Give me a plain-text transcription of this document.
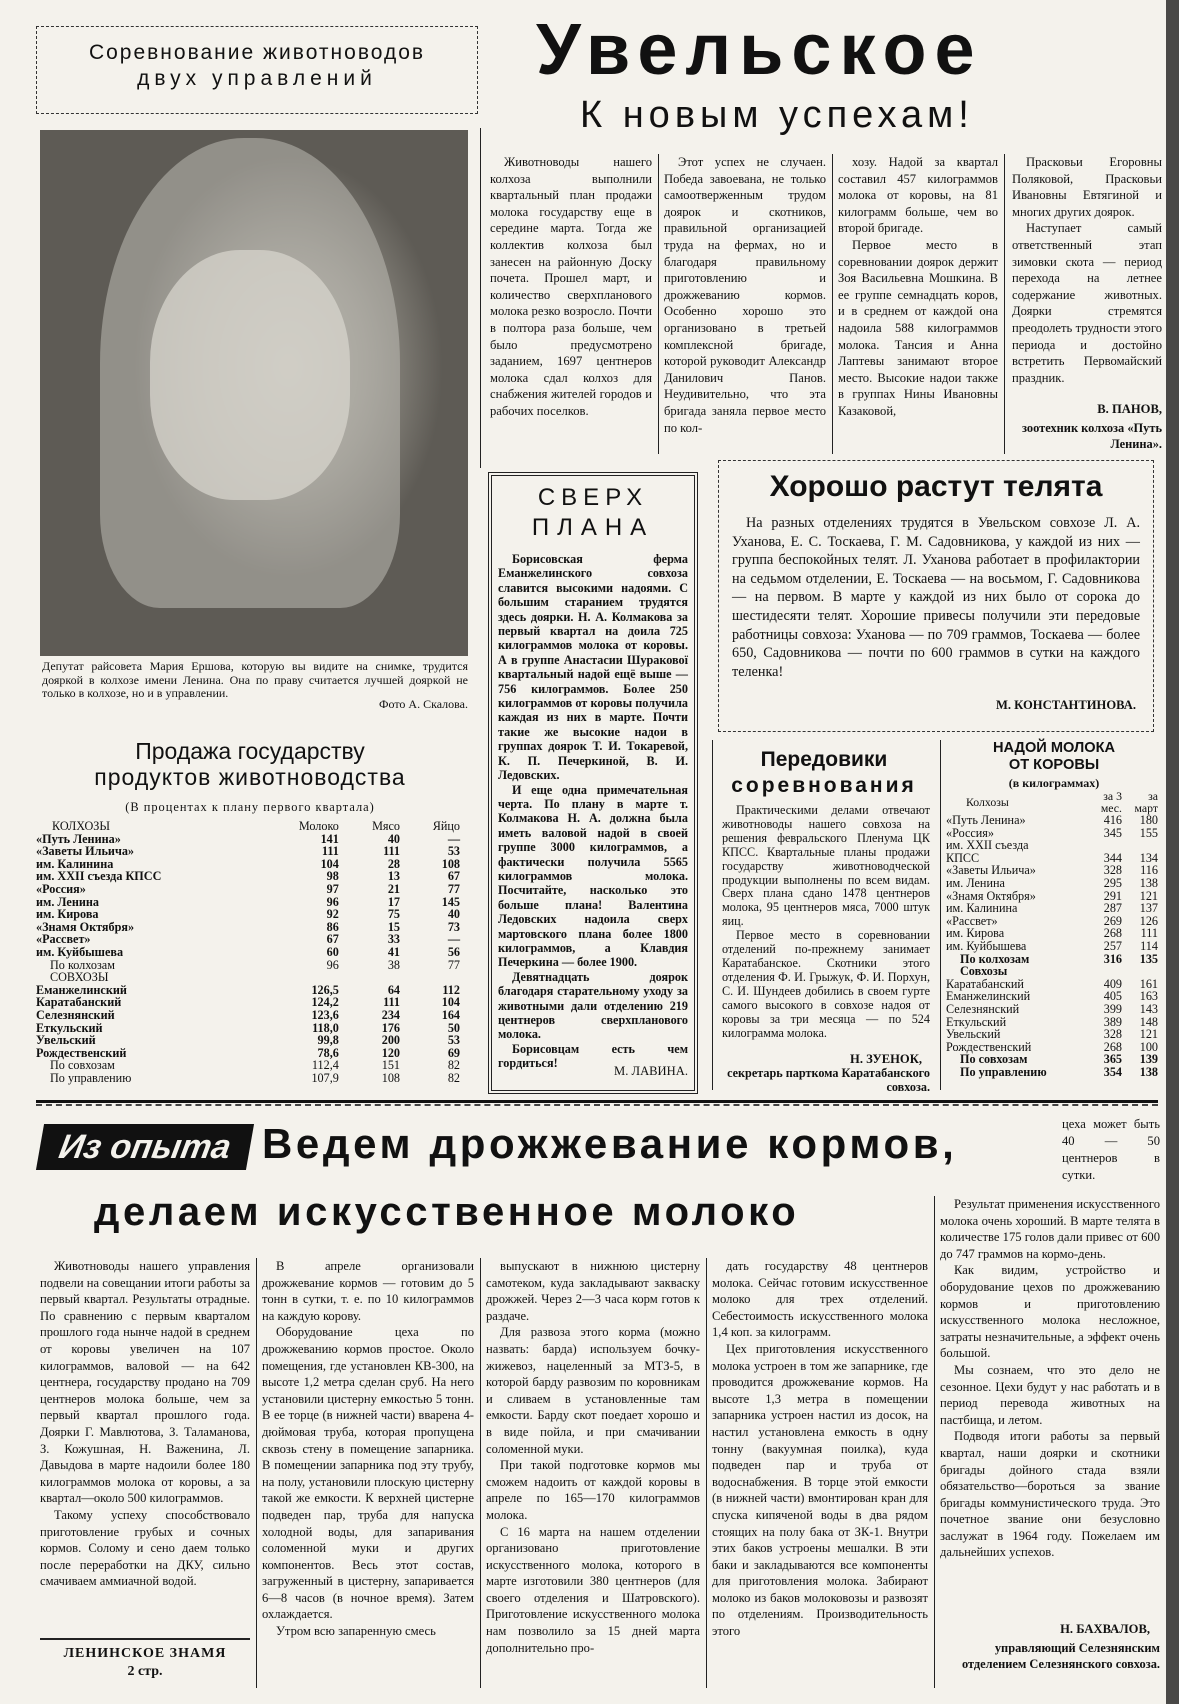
Соревнование животноводов
двух управлений
Депутат райсовета Мария Ершова, которую вы видите на снимке, трудится дояркой в колхозе имени Ленина. Она по праву считается лучшей дояркой не только в колхозе, но и в управлении.
Фото А. Скалова.
Увельское
К новым успехам!

Животноводы нашего колхоза выполнили квартальный план продажи молока государству еще в середине марта. Тогда же коллектив колхоза был занесен на районную Доску почета. Прошел март, и количество сверхпланового молока резко возросло. Почти в полтора раза больше, чем было предусмотрено заданием, 1697 центнеров молока сдал колхоз для снабжения жителей городов и рабочих поселков.

Этот успех не случаен. Победа завоевана, не только самоотверженным трудом доярок и скотников, правильной организацией труда на фермах, но и благодаря правильному приготовлению и дрожжеванию кормов. Особенно хорошо это организовано в третьей комплексной бригаде, которой руководит Александр Данилович Панов. Неудивительно, что эта бригада заняла первое место по кол-

хозу. Надой за квартал составил 457 килограммов молока от коровы, на 81 килограмм больше, чем во второй бригаде.

Первое место в соревновании доярок держит Зоя Васильевна Мошкина. В ее группе семнадцать коров, и в среднем от каждой она надоила 588 килограммов молока. Тансия и Анна Лаптевы занимают второе место. Высокие надои также в группах Нины Ивановны Казаковой,

Прасковьи Егоровны Поляковой, Прасковьи Ивановны Евтягиной и многих других доярок.

Наступает самый ответственный этап зимовки скота — период перехода на летнее содержание животных. Доярки стремятся преодолеть трудности этого периода и достойно встретить Первомайский праздник.

В. ПАНОВ,
зоотехник колхоза «Путь Ленина».
СВЕРХ
ПЛАНА

Борисовская ферма Еманжелинского совхоза славится высокими надоями. С большим старанием трудятся здесь доярки. Н. А. Колмакова за первый квартал на доила 725 килограммов молока от коровы. А в группе Анастасии Шуракової квартальный надой ещё выше — 756 килограммов. Более 250 килограммов от коровы получила каждая из них в марте. Почти такие же высокие надои в группах доярок Т. И. Токаревой, К. П. Печеркиной, В. И. Ледовских.

И еще одна примечательная черта. По плану в марте т. Колмакова Н. А. должна была иметь валовой надой в своей группе 3000 килограммов, а фактически получила 5565 килограммов молока. Посчитайте, насколько это больше плана! Валентина Ледовских надоила сверх мартовского плана более 1800 килограммов, а Клавдия Печеркина — более 1900.

Девятнадцать доярок благодаря старательному уходу за животными дали отделению 219 центнеров сверхпланового молока.

Борисовцам есть чем гордиться!

М. ЛАВИНА.
Хорошо растут телята

На разных отделениях трудятся в Увельском совхозе Л. А. Уханова, Е. С. Тоскаева, Г. М. Садовникова, у каждой из них — группа беспокойных телят. Л. Уханова работает в профилактории на седьмом отделении, Е. Тоскаева — на восьмом, Г. Садовникова — на первом. В марте у каждой из них было от сорока до шестидесяти телят. Хорошие привесы получили эти передовые работницы совхоза: Ухановa — по 709 граммов, Тоскаева — более 650, Садовникова — почти по 600 граммов в сутки на каждого теленка!

М. КОНСТАНТИНОВА.
Продажа государству
продуктов животноводства
(В процентах к плану первого квартала)
КОЛХОЗЫ	Молоко	Мясо	Яйцо
«Путь Ленина»	141	40	—
«Заветы Ильича»	111	111	53
им. Калинина	104	28	108
им. XXII съезда КПСС	98	13	67
«Россия»	97	21	77
им. Ленина	96	17	145
им. Кирова	92	75	40
«Знамя Октября»	86	15	73
«Рассвет»	67	33	—
им. Куйбышева	60	41	56
По колхозам	96	38	77
СОВХОЗЫ			
Еманжелинский	126,5	64	112
Каратабанский	124,2	111	104
Селезнянский	123,6	234	164
Еткульский	118,0	176	50
Увельский	99,8	200	53
Рождественский	78,6	120	69
По совхозам	112,4	151	82
По управлению	107,9	108	82
Передовики
соревнования

Практическими делами отвечают животноводы нашего совхоза на решения февральского Пленума ЦК КПСС. Квартальные планы продажи государству животноводческой продукции выполнены по всем видам. Сверх плана сдано 1478 центнеров молока, 95 центнеров мяса, 7000 штук яиц.

Первое место в соревновании отделений по-прежнему занимает Каратабанское. Скотники этого отделения Ф. И. Грыжук, Ф. И. Порхун, С. И. Шундеев добились в своем гурте самого высокого в совхозе надоя от коровы за три месяца — по 524 килограмма молока.

Н. ЗУЕНОК,
секретарь парткома Каратабанского совхоза.
НАДОЙ МОЛОКА
ОТ КОРОВЫ
(в килограммах)
Колхозы	за 3 мес.	за март
«Путь Ленина»	416	180
«Россия»	345	155
им. XXII съезда		
КПСС	344	134
«Заветы Ильича»	328	116
им. Ленина	295	138
«Знамя Октября»	291	121
им. Калинина	287	137
«Рассвет»	269	126
им. Кирова	268	111
им. Куйбышева	257	114
По колхозам	316	135
Совхозы		
Каратабанский	409	161
Еманжелинский	405	163
Селезнянский	399	143
Еткульский	389	148
Увельский	328	121
Рождественский	268	100
По совхозам	365	139
По управлению	354	138
Из опыта Ведем дрожжевание кормов,
делаем искусственное молоко

цеха может быть 40 — 50 центнеров в сутки.

Животноводы нашего управления подвели на совещании итоги работы за первый квартал. Результаты отрадные. По сравнению с первым кварталом прошлого года нынче надой в среднем от коровы увеличен на 107 килограммов, валовой — на 642 центнера, государству продано на 709 центнеров молока больше, чем за первый квартал прошлого года. Доярки Г. Мавлютова, З. Таламанова, З. Кожушная, Н. Важенина, Л. Давыдова в марте надоили более 180 килограммов молока от коровы, а за квартал—около 500 килограммов.

Такому успеху способствовало приготовление грубых и сочных кормов. Солому и сено даем только после переработки на ДКУ, сильно смачиваем аммиачной водой.

ЛЕНИНСКОЕ ЗНАМЯ
2 стр.

В апреле организовали дрожжевание кормов — готовим до 5 тонн в сутки, т. е. по 10 килограммов на каждую корову.

Оборудование цеха по дрожжеванию кормов простое. Около помещения, где установлен КВ-300, на высоте 1,2 метра сделан сруб. На него установили цистерну емкостью 5 тонн. В ее торце (в нижней части) вварена 4-дюймовая труба, которая пропущена сквозь стену в помещение запарника. В помещении запарника под эту трубу, на полу, установили плоскую цистерну такой же емкости. К верхней цистерне подведен пар, труба для напуска холодной воды, для запаривания соломенной муки и других компонентов. Весь этот состав, загруженный в цистерну, запаривается 6—8 часов (в ночное время). Затем охлаждается.

Утром всю запаренную смесь

выпускают в нижнюю цистерну самотеком, куда закладывают закваску дрожжей. Через 2—3 часа корм готов к раздаче.

Для развоза этого корма (можно назвать: барда) используем бочку-жижевоз, нацеленный за МТЗ-5, в которой барду развозим по коровникам и сливаем в установленные там емкости. Барду скот поедает хорошо и в виде пойла, и при смачивании соломенной муки.

При такой подготовке кормов мы сможем надоить от каждой коровы в апреле по 165—170 килограммов молока.

С 16 марта на нашем отделении организовано приготовление искусственного молока, которого в марте изготовили 380 центнеров (для своего отделения и Шатровского). Приготовление искусственного молока нам позволило за 15 дней марта дополнительно про-

дать государству 48 центнеров молока. Сейчас готовим искусственное молоко для трех отделений. Себестоимость искусственного молока 1,4 коп. за килограмм.

Цех приготовления искусственного молока устроен в том же запарнике, где проводится дрожжевание кормов. На высоте 1,3 метра в помещении запарника устроен настил из досок, на настил установлена емкость в одну тонну (вакуумная поилка), куда подведен пар и труба от водоснабжения. В торце этой емкости (в нижней части) вмонтирован кран для спуска кипяченой воды в два рядом стоящих на полу бака от ЗК-1. Внутри этих баков устроены мешалки. В эти баки и закладываются все компоненты для приготовления молока. Забирают молоко из баков молоковозы и развозят по отделениям. Производительность этого

Результат применения искусственного молока очень хороший. В марте телята в количестве 175 голов дали привес от 600 до 747 граммов на кормо-день.

Как видим, устройство и оборудование цехов по дрожжеванию кормов и приготовлению искусственного молока несложное, затраты незначительные, а эффект очень большой.

Мы сознаем, что это дело не сезонное. Цехи будут у нас работать и в период перевода животных на пастбища, и летом.

Подводя итоги работы за первый квартал, наши доярки и скотники бригады дойного стада взяли обязательство—бороться за звание бригады коммунистического труда. Это почетное звание они безусловно заслужат в 1964 году. Пожелаем им дальнейших успехов.

Н. БАХВАЛОВ,
управляющий Селезнянским отделением Селезнянского совхоза.
